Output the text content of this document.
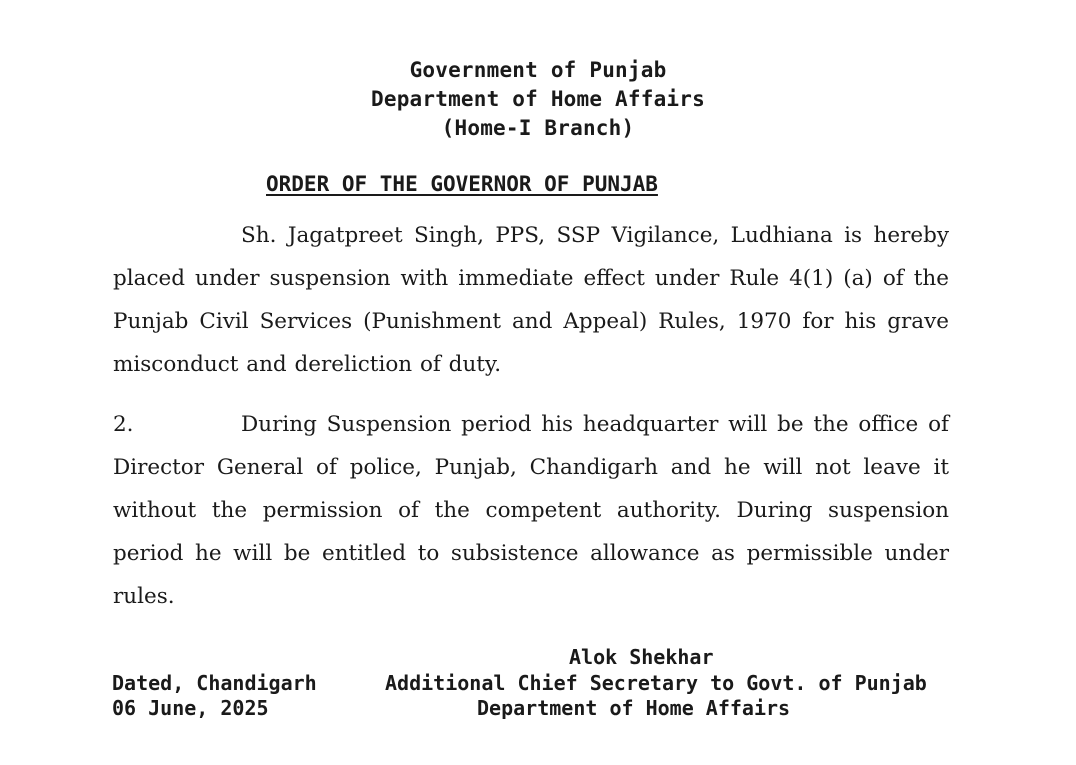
Government of Punjab
Department of Home Affairs
(Home-I Branch)
ORDER OF THE GOVERNOR OF PUNJAB
Sh. Jagatpreet Singh, PPS, SSP Vigilance, Ludhiana is hereby placed under suspension with immediate effect under Rule 4(1) (a) of the Punjab Civil Services (Punishment and Appeal) Rules, 1970 for his grave misconduct and dereliction of duty.
2.	During Suspension period his headquarter will be the office of Director General of police, Punjab, Chandigarh and he will not leave it without the permission of the competent authority. During suspension period he will be entitled to subsistence allowance as permissible under rules.
Alok Shekhar
Additional Chief Secretary to Govt. of Punjab
Department of Home Affairs
Dated, Chandigarh
06 June, 2025
